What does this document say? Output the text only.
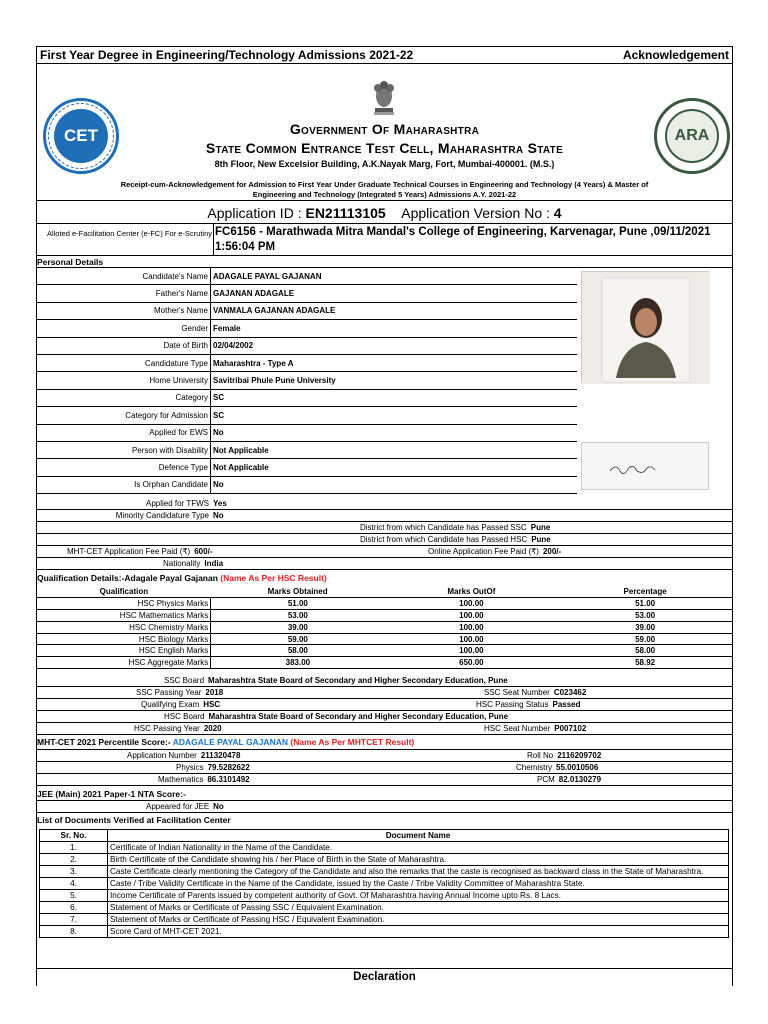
First Year Degree in Engineering/Technology Admissions 2021-22	Acknowledgement
CET	Government Of Maharashtra
State Common Entrance Test Cell, Maharashtra State
8th Floor, New Excelsior Building, A.K.Nayak Marg, Fort, Mumbai-400001. (M.S.)
Receipt-cum-Acknowledgement for Admission to First Year Under Graduate Technical Courses in Engineering and Technology (4 Years) & Master of Engineering and Technology (Integrated 5 Years) Admissions A.Y. 2021-22
ARA
Application ID : EN21113105 Application Version No : 4
Alloted e-Facilitation Center (e-FC) For e-Scrutiny FC6156 - Marathwada Mitra Mandal's College of Engineering, Karvenagar, Pune ,09/11/2021 1:56:04 PM
Personal Details
Candidate's Name ADAGALE PAYAL GAJANAN
Father's Name GAJANAN ADAGALE
Mother's Name VANMALA GAJANAN ADAGALE
Gender Female
Date of Birth 02/04/2002
Candidature Type Maharashtra - Type A
Home University Savitribai Phule Pune University
Category SC
Category for Admission SC
Applied for EWS No
Person with Disability Not Applicable
Defence Type Not Applicable
Is Orphan Candidate No
Applied for TFWS Yes
Minority Candidature Type No
District from which Candidate has Passed SSC Pune
District from which Candidate has Passed HSC Pune
MHT-CET Application Fee Paid (₹) 600/-	Online Application Fee Paid (₹) 200/-
Nationality India
Qualification Details:-Adagale Payal Gajanan (Name As Per HSC Result)
Qualification	Marks Obtained	Marks OutOf	Percentage
HSC Physics Marks	51.00	100.00	51.00
HSC Mathematics Marks	53.00	100.00	53.00
HSC Chemistry Marks	39.00	100.00	39.00
HSC Biology Marks	59.00	100.00	59.00
HSC English Marks	58.00	100.00	58.00
HSC Aggregate Marks	383.00	650.00	58.92
SSC Board Maharashtra State Board of Secondary and Higher Secondary Education, Pune
SSC Passing Year 2018	SSC Seat Number C023462
Qualifying Exam HSC	HSC Passing Status Passed
HSC Board Maharashtra State Board of Secondary and Higher Secondary Education, Pune
HSC Passing Year 2020	HSC Seat Number P007102
MHT-CET 2021 Percentile Score:- ADAGALE PAYAL GAJANAN (Name As Per MHTCET Result)
Application Number 211320478	Roll No 2116209702
Physics 79.5282622	Chemistry 55.0010506
Mathematics 86.3101492	PCM 82.0130279
JEE (Main) 2021 Paper-1 NTA Score:-
Appeared for JEE No
List of Documents Verified at Facilitation Center
Sr. No.	Document Name
1.	Certificate of Indian Nationality in the Name of the Candidate.
2.	Birth Certificate of the Candidate showing his / her Place of Birth in the State of Maharashtra.
3.	Caste Certificate clearly mentioning the Category of the Candidate and also the remarks that the caste is recognised as backward class in the State of Maharashtra.
4.	Caste / Tribe Validity Certificate in the Name of the Candidate, issued by the Caste / Tribe Validity Committee of Maharashtra State.
5.	Income Certificate of Parents issued by competent authority of Govt. Of Maharashtra having Annual Income upto Rs. 8 Lacs.
6.	Statement of Marks or Certificate of Passing SSC / Equivalent Examination.
7.	Statement of Marks or Certificate of Passing HSC / Equivalent Examination.
8.	Score Card of MHT-CET 2021.
Declaration
